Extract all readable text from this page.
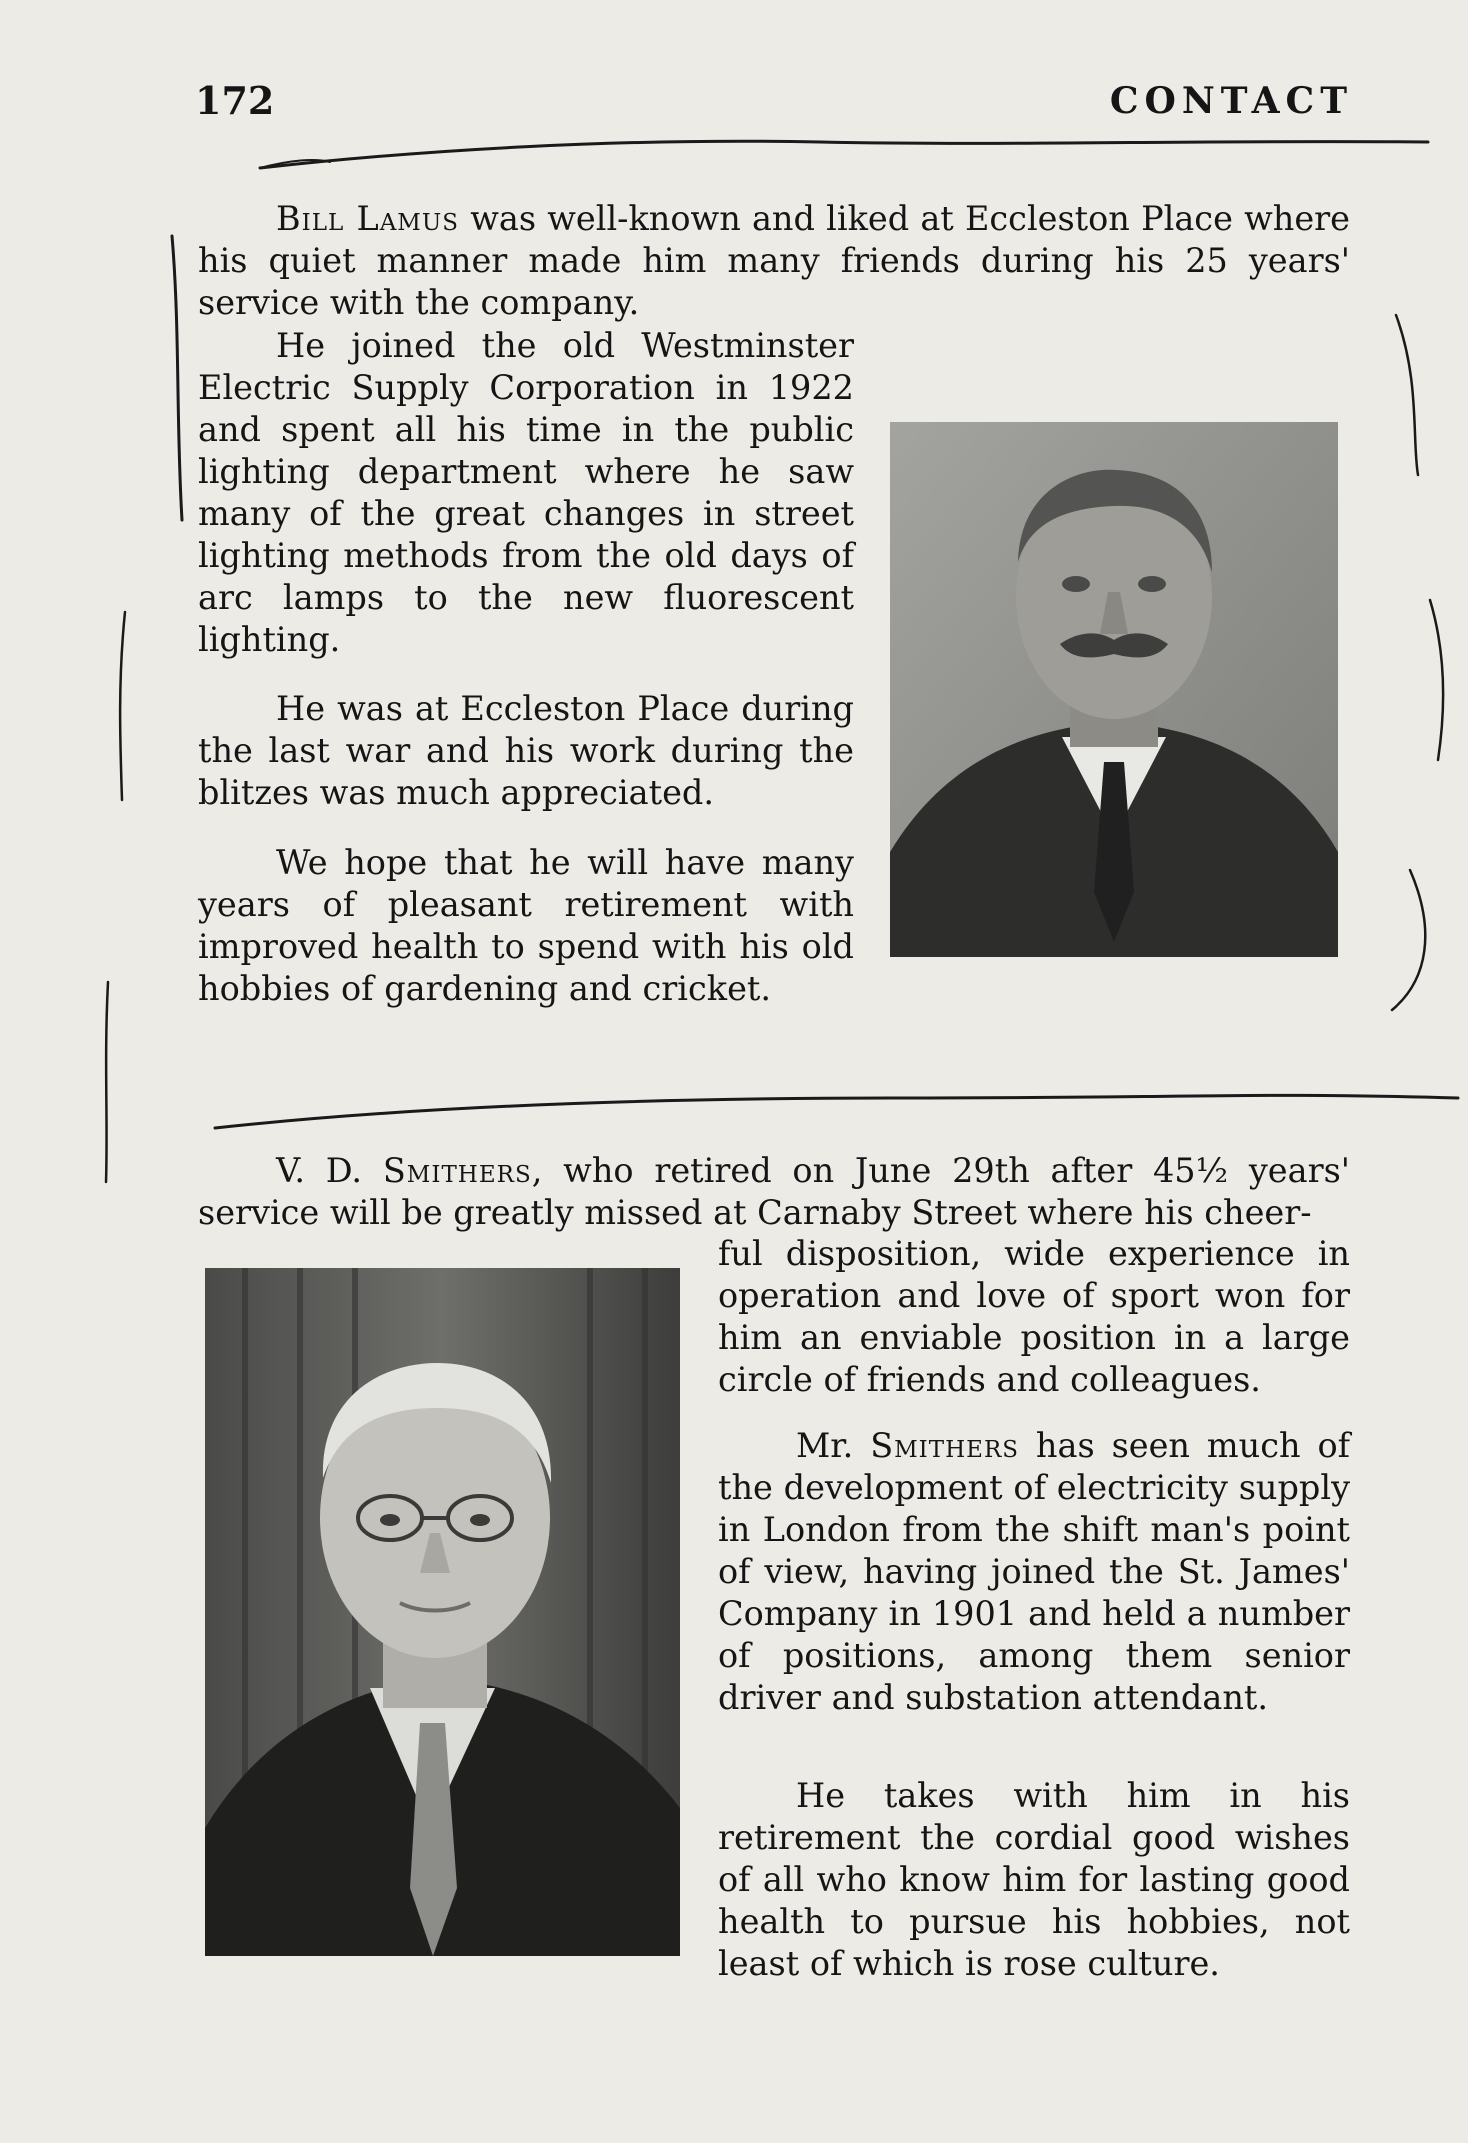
172	CONTACT

Bill Lamus was well-known and liked at Eccleston Place where his quiet manner made him many friends during his 25 years' service with the company.

He joined the old Westminster Electric Supply Corporation in 1922 and spent all his time in the public lighting department where he saw many of the great changes in street lighting methods from the old days of arc lamps to the new fluorescent lighting.

He was at Eccleston Place during the last war and his work during the blitzes was much appreciated.

We hope that he will have many years of pleasant retirement with improved health to spend with his old hobbies of gardening and cricket.

V. D. Smithers, who retired on June 29th after 45½ years' service will be greatly missed at Carnaby Street where his cheer-

ful disposition, wide experience in operation and love of sport won for him an enviable position in a large circle of friends and colleagues.

Mr. Smithers has seen much of the development of electricity supply in London from the shift man's point of view, having joined the St. James' Company in 1901 and held a number of positions, among them senior driver and substation attendant.

He takes with him in his retirement the cordial good wishes of all who know him for lasting good health to pursue his hobbies, not least of which is rose culture.
